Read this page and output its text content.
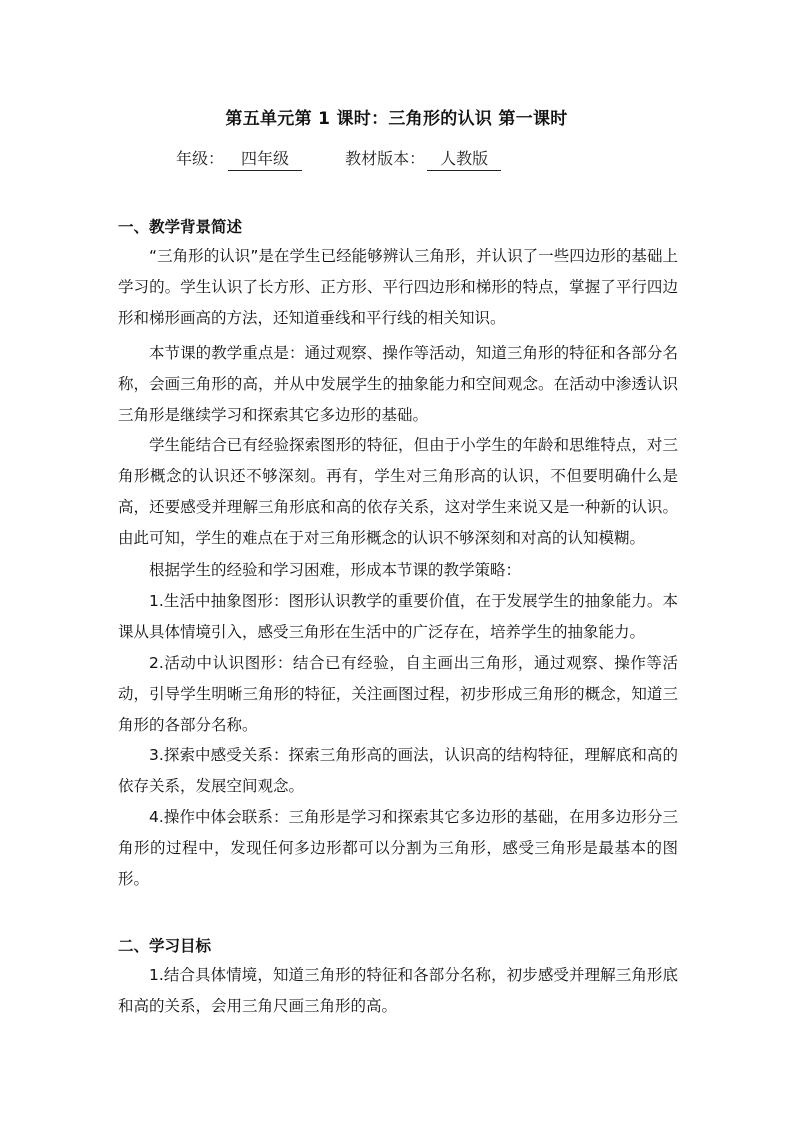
第五单元第 1 课时：三角形的认识 第一课时
年级： 四年级	教材版本： 人教版
一、教学背景简述

“三角形的认识”是在学生已经能够辨认三角形，并认识了一些四边形的基础上学习的。学生认识了长方形、正方形、平行四边形和梯形的特点，掌握了平行四边形和梯形画高的方法，还知道垂线和平行线的相关知识。

本节课的教学重点是：通过观察、操作等活动，知道三角形的特征和各部分名称，会画三角形的高，并从中发展学生的抽象能力和空间观念。在活动中渗透认识三角形是继续学习和探索其它多边形的基础。

学生能结合已有经验探索图形的特征，但由于小学生的年龄和思维特点，对三角形概念的认识还不够深刻。再有，学生对三角形高的认识，不但要明确什么是高，还要感受并理解三角形底和高的依存关系，这对学生来说又是一种新的认识。由此可知，学生的难点在于对三角形概念的认识不够深刻和对高的认知模糊。

根据学生的经验和学习困难，形成本节课的教学策略：

1.生活中抽象图形：图形认识教学的重要价值，在于发展学生的抽象能力。本课从具体情境引入，感受三角形在生活中的广泛存在，培养学生的抽象能力。

2.活动中认识图形：结合已有经验，自主画出三角形，通过观察、操作等活动，引导学生明晰三角形的特征，关注画图过程，初步形成三角形的概念，知道三角形的各部分名称。

3.探索中感受关系：探索三角形高的画法，认识高的结构特征，理解底和高的依存关系，发展空间观念。

4.操作中体会联系：三角形是学习和探索其它多边形的基础，在用多边形分三角形的过程中，发现任何多边形都可以分割为三角形，感受三角形是最基本的图形。

二、学习目标

1.结合具体情境，知道三角形的特征和各部分名称，初步感受并理解三角形底和高的关系，会用三角尺画三角形的高。
